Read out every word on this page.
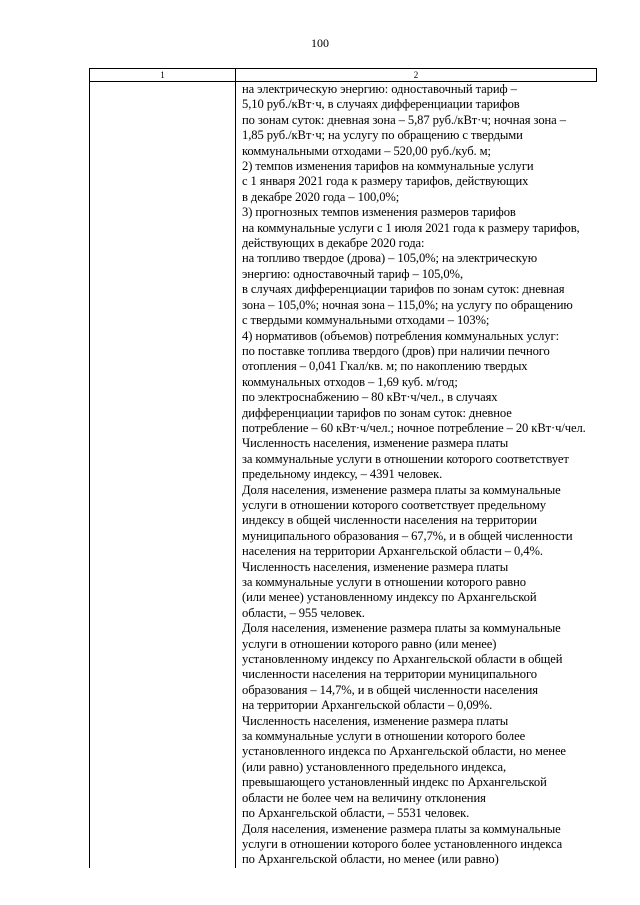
100
1	2
на электрическую энергию: одноставочный тариф –
5,10 руб./кВт·ч, в случаях дифференциации тарифов
по зонам суток: дневная зона – 5,87 руб./кВт·ч; ночная зона –
1,85 руб./кВт·ч; на услугу по обращению с твердыми
коммунальными отходами – 520,00 руб./куб. м;
2) темпов изменения тарифов на коммунальные услуги
с 1 января 2021 года к размеру тарифов, действующих
в декабре 2020 года – 100,0%;
3) прогнозных темпов изменения размеров тарифов
на коммунальные услуги с 1 июля 2021 года к размеру тарифов,
действующих в декабре 2020 года:
на топливо твердое (дрова) – 105,0%; на электрическую
энергию: одноставочный тариф – 105,0%,
в случаях дифференциации тарифов по зонам суток: дневная
зона – 105,0%; ночная зона – 115,0%; на услугу по обращению
с твердыми коммунальными отходами – 103%;
4) нормативов (объемов) потребления коммунальных услуг:
по поставке топлива твердого (дров) при наличии печного
отопления – 0,041 Гкал/кв. м; по накоплению твердых
коммунальных отходов – 1,69 куб. м/год;
по электроснабжению – 80 кВт·ч/чел., в случаях
дифференциации тарифов по зонам суток: дневное
потребление – 60 кВт·ч/чел.; ночное потребление – 20 кВт·ч/чел.
Численность населения, изменение размера платы
за коммунальные услуги в отношении которого соответствует
предельному индексу, – 4391 человек.
Доля населения, изменение размера платы за коммунальные
услуги в отношении которого соответствует предельному
индексу в общей численности населения на территории
муниципального образования – 67,7%, и в общей численности
населения на территории Архангельской области – 0,4%.
Численность населения, изменение размера платы
за коммунальные услуги в отношении которого равно
(или менее) установленному индексу по Архангельской
области, – 955 человек.
Доля населения, изменение размера платы за коммунальные
услуги в отношении которого равно (или менее)
установленному индексу по Архангельской области в общей
численности населения на территории муниципального
образования – 14,7%, и в общей численности населения
на территории Архангельской области – 0,09%.
Численность населения, изменение размера платы
за коммунальные услуги в отношении которого более
установленного индекса по Архангельской области, но менее
(или равно) установленного предельного индекса,
превышающего установленный индекс по Архангельской
области не более чем на величину отклонения
по Архангельской области, – 5531 человек.
Доля населения, изменение размера платы за коммунальные
услуги в отношении которого более установленного индекса
по Архангельской области, но менее (или равно)
